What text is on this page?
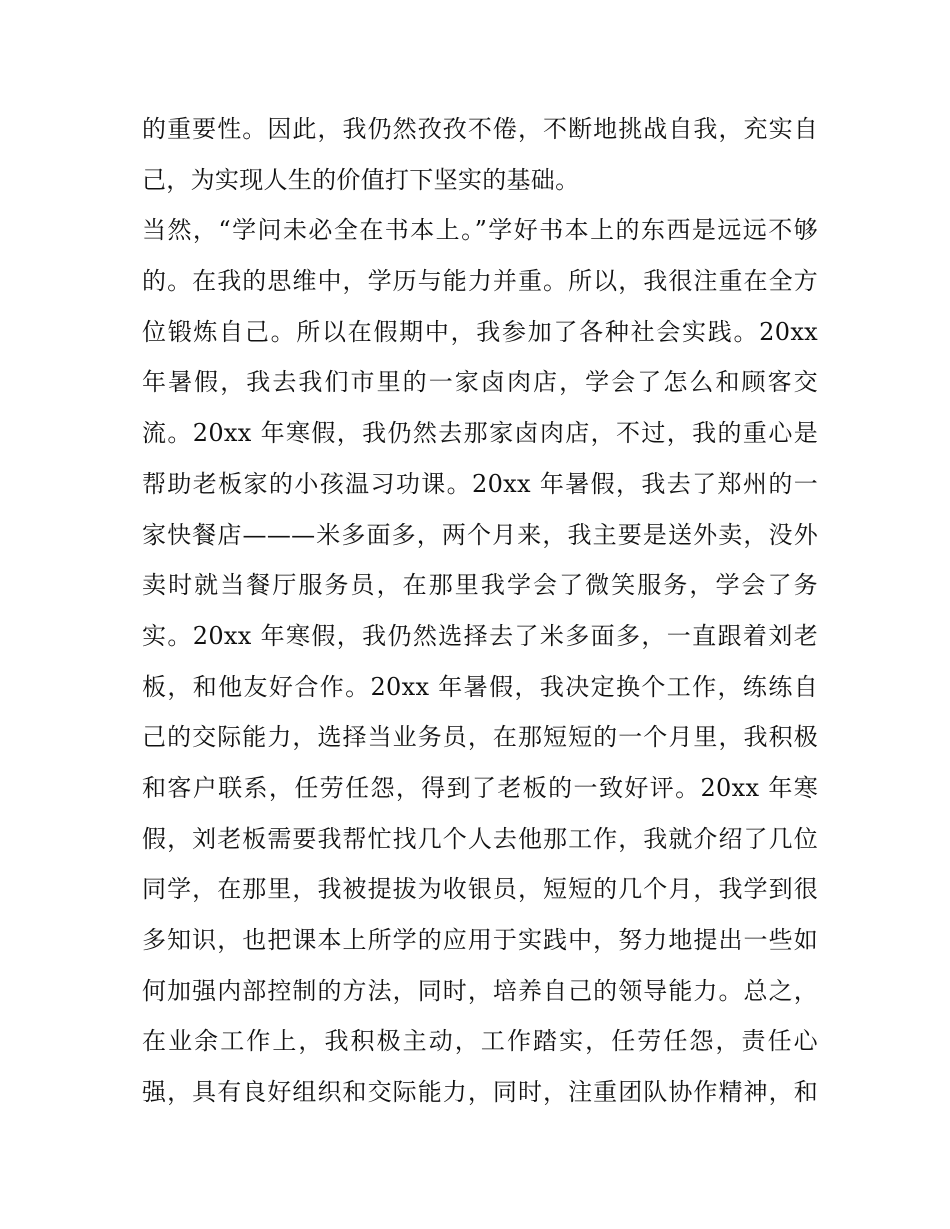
的重要性。因此，我仍然孜孜不倦，不断地挑战自我，充实自
己，为实现人生的价值打下坚实的基础。
当然，“学问未必全在书本上。”学好书本上的东西是远远不够
的。在我的思维中，学历与能力并重。所以，我很注重在全方
位锻炼自己。所以在假期中，我参加了各种社会实践。20xx
年暑假，我去我们市里的一家卤肉店，学会了怎么和顾客交
流。20xx 年寒假，我仍然去那家卤肉店，不过，我的重心是
帮助老板家的小孩温习功课。20xx 年暑假，我去了郑州的一
家快餐店———米多面多，两个月来，我主要是送外卖，没外
卖时就当餐厅服务员，在那里我学会了微笑服务，学会了务
实。20xx 年寒假，我仍然选择去了米多面多，一直跟着刘老
板，和他友好合作。20xx 年暑假，我决定换个工作，练练自
己的交际能力，选择当业务员，在那短短的一个月里，我积极
和客户联系，任劳任怨，得到了老板的一致好评。20xx 年寒
假，刘老板需要我帮忙找几个人去他那工作，我就介绍了几位
同学，在那里，我被提拔为收银员，短短的几个月，我学到很
多知识，也把课本上所学的应用于实践中，努力地提出一些如
何加强内部控制的方法，同时，培养自己的领导能力。总之，
在业余工作上，我积极主动，工作踏实，任劳任怨，责任心
强，具有良好组织和交际能力，同时，注重团队协作精神，和
